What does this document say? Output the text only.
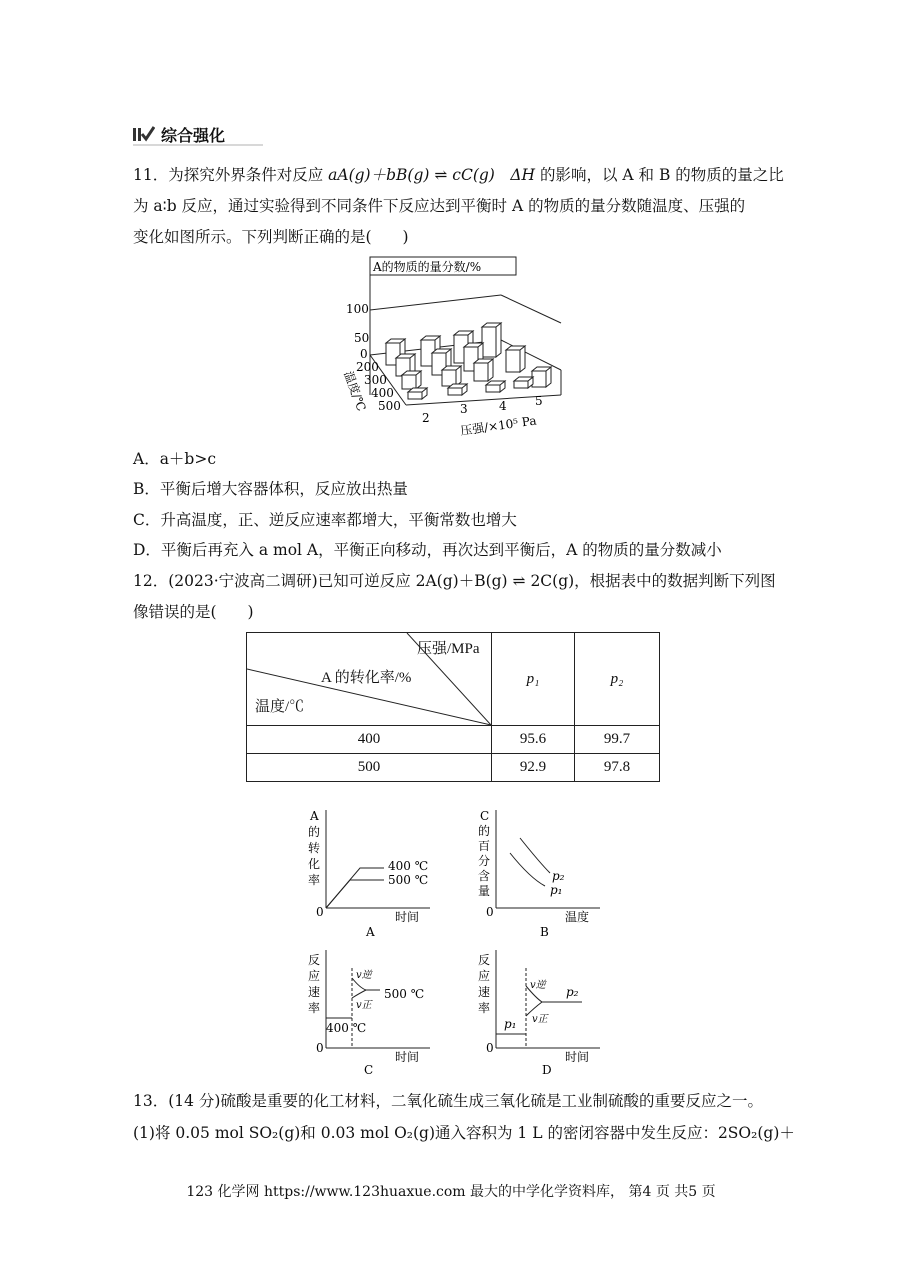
综合强化
11．为探究外界条件对反应 aA(g)＋bB(g) ⇌ cC(g)　ΔH 的影响，以 A 和 B 的物质的量之比
为 a∶b 反应，通过实验得到不同条件下反应达到平衡时 A 的物质的量分数随温度、压强的
变化如图所示。下列判断正确的是(　　)
A的物质的量分数/%
100
50
0
200
300
400
500
温度/℃
2
3	4 5
压强/×10⁵ Pa
A．a＋b>c
B．平衡后增大容器体积，反应放出热量
C．升高温度，正、逆反应速率都增大，平衡常数也增大
D．平衡后再充入 a mol A，平衡正向移动，再次达到平衡后，A 的物质的量分数减小
12．(2023·宁波高二调研)已知可逆反应 2A(g)＋B(g) ⇌ 2C(g)，根据表中的数据判断下列图
像错误的是(　　)
压强/MPa
A 的转化率/%
温度/℃	p₁	p₂
400	95.6	99.7
500	92.9	97.8
A
的
转
化
率
0	时间
400 ℃
500 ℃
A
C
的
百
分
含
量
0	温度
p₂
p₁
B
反
应
速
率
0
时间
v逆
v正
500 ℃
400 ℃
C
反
应
速
率
0
时间
v逆
v正
p₂
p₁
D
13．(14 分)硫酸是重要的化工材料，二氧化硫生成三氧化硫是工业制硫酸的重要反应之一。
(1)将 0.05 mol SO₂(g)和 0.03 mol O₂(g)通入容积为 1 L 的密闭容器中发生反应：2SO₂(g)＋
123 化学网 https://www.123huaxue.com 最大的中学化学资料库， 第4 页 共5 页
